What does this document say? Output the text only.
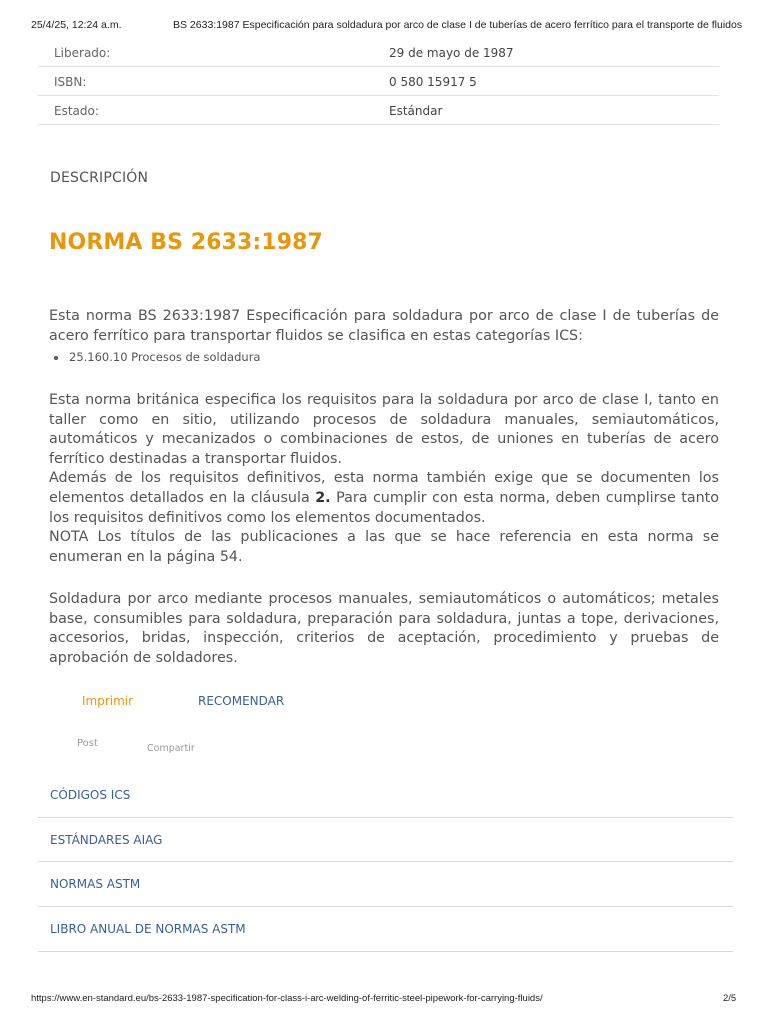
25/4/25, 12:24 a.m.	BS 2633:1987 Especificación para soldadura por arco de clase I de tuberías de acero ferrítico para el transporte de fluidos
Liberado:	29 de mayo de 1987
ISBN:	0 580 15917 5
Estado:	Estándar
DESCRIPCIÓN
NORMA BS 2633:1987

Esta norma BS 2633:1987 Especificación para soldadura por arco de clase I de tuberías de acero ferrítico para transportar fluidos se clasifica en estas categorías ICS:

25.160.10 Procesos de soldadura
Esta norma británica especifica los requisitos para la soldadura por arco de clase I, tanto en taller como en sitio, utilizando procesos de soldadura manuales, semiautomáticos, automáticos y mecanizados o combinaciones de estos, de uniones en tuberías de acero ferrítico destinadas a transportar fluidos.
Además de los requisitos definitivos, esta norma también exige que se documenten los elementos detallados en la cláusula 2. Para cumplir con esta norma, deben cumplirse tanto los requisitos definitivos como los elementos documentados.
NOTA Los títulos de las publicaciones a las que se hace referencia en esta norma se enumeran en la página 54.

Soldadura por arco mediante procesos manuales, semiautomáticos o automáticos; metales base, consumibles para soldadura, preparación para soldadura, juntas a tope, derivaciones, accesorios, bridas, inspección, criterios de aceptación, procedimiento y pruebas de aprobación de soldadores.

Imprimir	RECOMENDAR
Post	Compartir
CÓDIGOS ICS
ESTÁNDARES AIAG
NORMAS ASTM
LIBRO ANUAL DE NORMAS ASTM
https://www.en-standard.eu/bs-2633-1987-specification-for-class-i-arc-welding-of-ferritic-steel-pipework-for-carrying-fluids/	2/5
